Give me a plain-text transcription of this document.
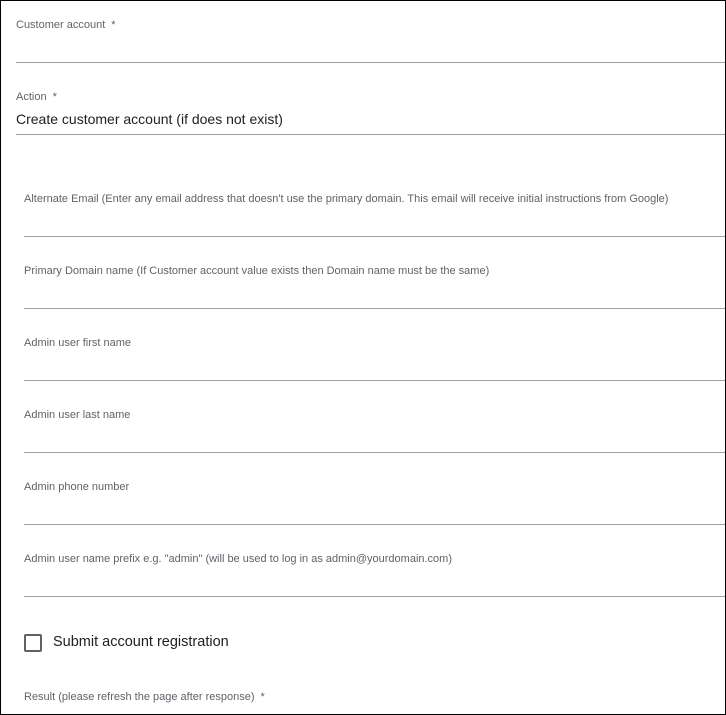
Customer account *
Action *
Create customer account (if does not exist)
Alternate Email (Enter any email address that doesn't use the primary domain. This email will receive initial instructions from Google)
Primary Domain name (If Customer account value exists then Domain name must be the same)
Admin user first name
Admin user last name
Admin phone number
Admin user name prefix e.g. "admin" (will be used to log in as admin@yourdomain.com)
Submit account registration
Result (please refresh the page after response) *
